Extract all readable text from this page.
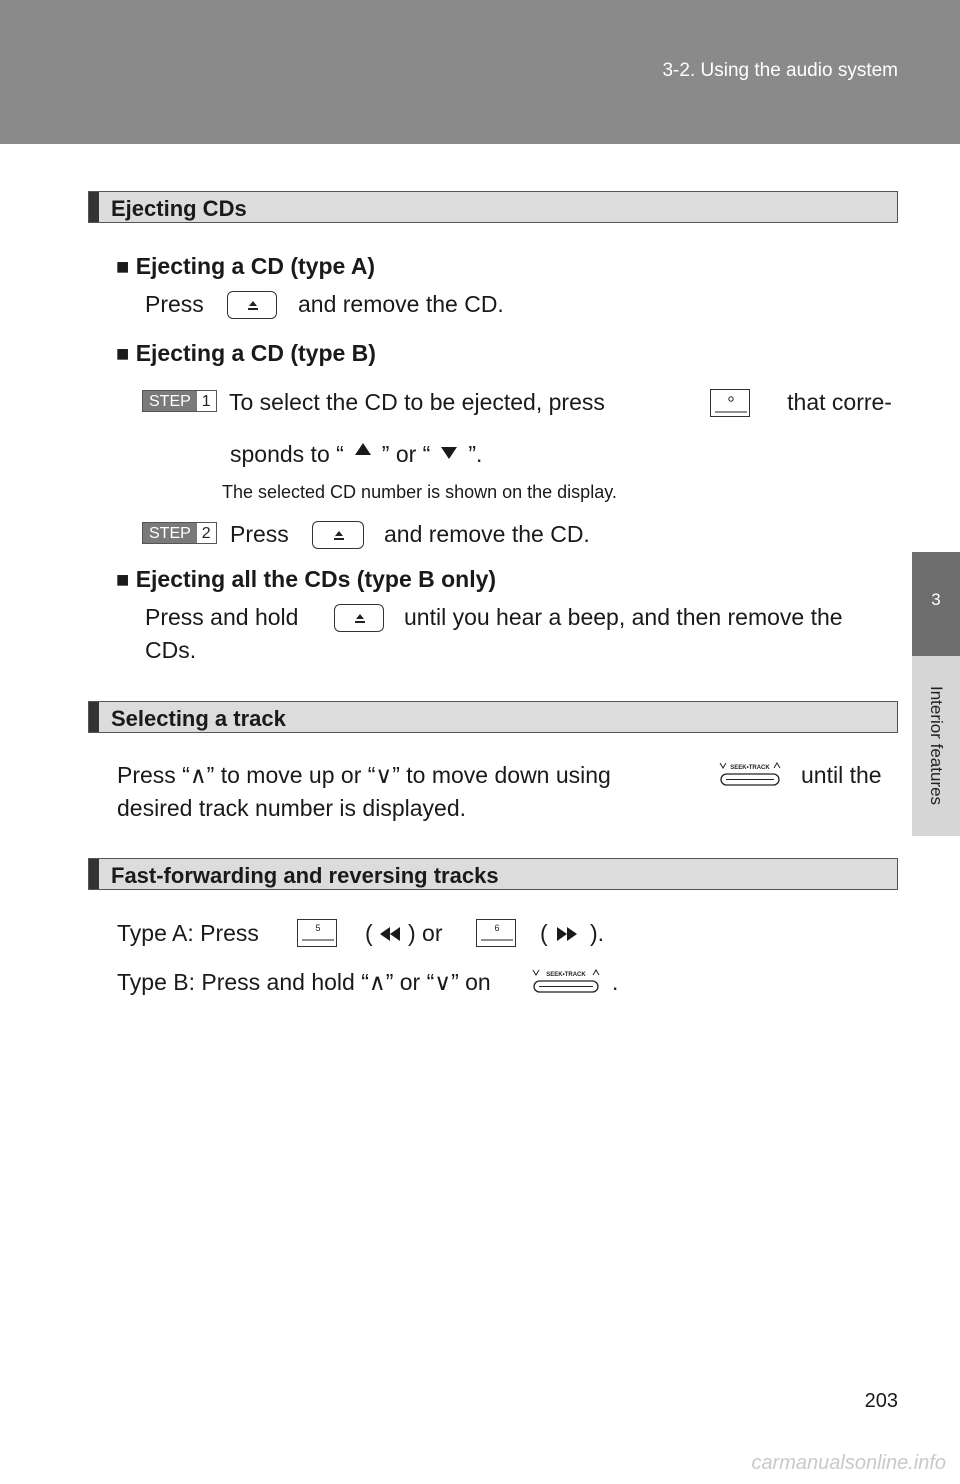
3-2. Using the audio system
3
Interior features
Ejecting CDs
■ Ejecting a CD (type A)
Press	and remove the CD.
■ Ejecting a CD (type B)
STEP 1 To select the CD to be ejected, press	that corre-
sponds to “ ” or “ ”.
The selected CD number is shown on the display.
STEP 2 Press	and remove the CD.
■ Ejecting all the CDs (type B only)
Press and hold	until you hear a beep, and then remove the
CDs.
Selecting a track
Press “∧” to move up or “∨” to move down using	SEEK•TRACK until the
desired track number is displayed.
Fast-forwarding and reversing tracks
Type A: Press	5 ( ) or	6 ( ).
Type B: Press and hold “∧” or “∨” on	SEEK•TRACK .
203
carmanualsonline.info
